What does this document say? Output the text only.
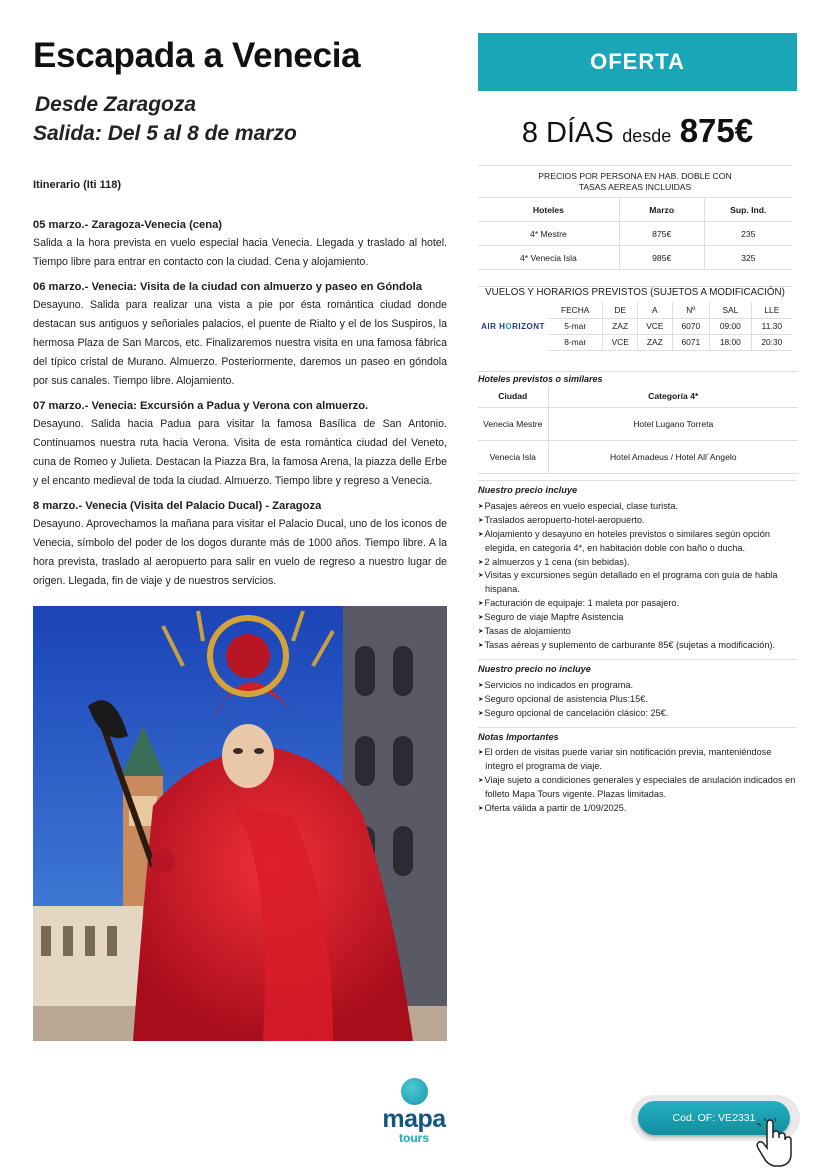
Escapada a Venecia
Desde Zaragoza
Salida: Del 5 al 8 de marzo
Itinerario (Iti 118)
05 marzo.- Zaragoza-Venecia (cena)
Salida a la hora prevista en vuelo especial hacia Venecia. Llegada y traslado al hotel. Tiempo libre para entrar en contacto con la ciudad. Cena y alojamiento.
06 marzo.- Venecia: Visita de la ciudad con almuerzo y paseo en Góndola
Desayuno. Salida para realizar una vista a pie por ésta romántica ciudad donde destacan sus antiguos y señoriales palacios, el puente de Rialto y el de los Suspiros, la hermosa Plaza de San Marcos, etc. Finalizaremos nuestra visita en una famosa fábrica del típico cristal de Murano. Almuerzo. Posteriormente, daremos un paseo en góndola por sus canales. Tiempo libre. Alojamiento.
07 marzo.- Venecia: Excursión a Padua y Verona con almuerzo.
Desayuno. Salida hacia Padua para visitar la famosa Basílica de San Antonio. Continuamos nuestra ruta hacia Verona. Visita de esta romántica ciudad del Veneto, cuna de Romeo y Julieta. Destacan la Piazza Bra, la famosa Arena, la piazza delle Erbe y el encanto medieval de toda la ciudad. Almuerzo. Tiempo libre y regreso a Venecia.
8 marzo.- Venecia (Visita del Palacio Ducal) - Zaragoza
Desayuno. Aprovechamos la mañana para visitar el Palacio Ducal, uno de los iconos de Venecia, símbolo del poder de los dogos durante más de 1000 años. Tiempo libre. A la hora prevista, traslado al aeropuerto para salir en vuelo de regreso a nuestro lugar de origen. Llegada, fin de viaje y de nuestros servicios.
OFERTA
8 DÍAS desde 875€
PRECIOS POR PERSONA EN HAB. DOBLE CON
TASAS AEREAS INCLUIDAS		
Hoteles	Marzo	Sup. Ind.
4* Mestre	875€	235
4* Venecia Isla	985€	325
VUELOS Y HORARIOS PREVISTOS (SUJETOS A MODIFICACIÓN)
AIR HORIZONT	FECHA	DE	A	Nº	SAL	LLE
	5-mar	ZAZ	VCE	6070	09:00	11.30
	8-mar	VCE	ZAZ	6071	18:00	20:30
Hoteles previstos o similares
Ciudad	Categoría 4*
Venecia Mestre	Hotel Lugano Torreta
Venecia Isla	Hotel Amadeus / Hotel All´Angelo
Nuestro precio incluye
➤ Pasajes aéreos en vuelo especial, clase turista.
➤ Traslados aeropuerto-hotel-aeropuerto.
➤ Alojamiento y desayuno en hoteles previstos o similares según opción elegida, en categoría 4*, en habitación doble con baño o ducha.
➤ 2 almuerzos y 1 cena (sin bebidas).
➤ Visitas y excursiones según detallado en el programa con guía de habla hispana.
➤ Facturación de equipaje: 1 maleta por pasajero.
➤ Seguro de viaje Mapfre Asistencia
➤ Tasas de alojamiento
➤ Tasas aéreas y suplemento de carburante 85€ (sujetas a modificación).
Nuestro precio no incluye
➤ Servicios no indicados en programa.
➤ Seguro opcional de asistencia Plus:15€.
➤ Seguro opcional de cancelación clásico: 25€.
Notas Importantes
➤ El orden de visitas puede variar sin notificación previa, manteniéndose íntegro el programa de viaje.
➤ Viaje sujeto a condiciones generales y especiales de anulación indicados en folleto Mapa Tours vigente. Plazas limitadas.
➤ Oferta válida a partir de 1/09/2025.
mapa
tours
Cod. OF: VE2331
